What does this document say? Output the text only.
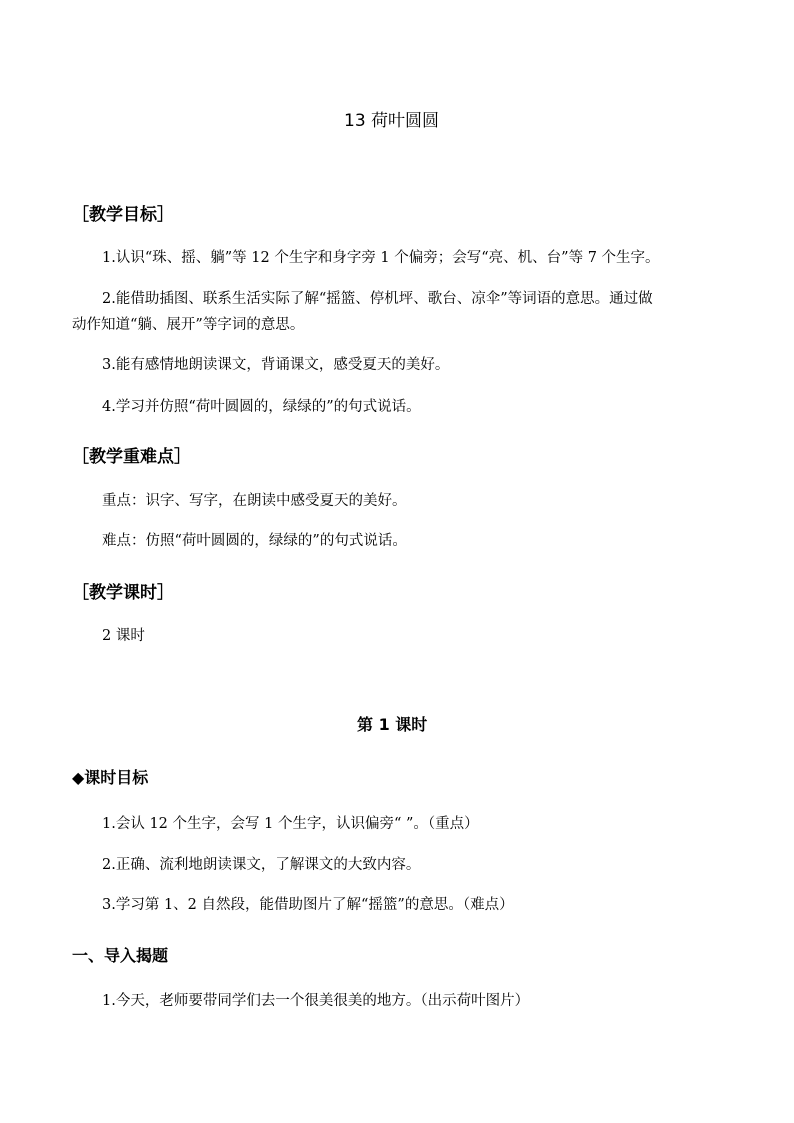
13 荷叶圆圆
［教学目标］
1.认识“珠、摇、躺”等 12 个生字和身字旁 1 个偏旁；会写“亮、机、台”等 7 个生字。
2.能借助插图、联系生活实际了解“摇篮、停机坪、歌台、凉伞”等词语的意思。通过做
动作知道“躺、展开”等字词的意思。
3.能有感情地朗读课文，背诵课文，感受夏天的美好。
4.学习并仿照“荷叶圆圆的，绿绿的”的句式说话。
［教学重难点］
重点：识字、写字，在朗读中感受夏天的美好。
难点：仿照“荷叶圆圆的，绿绿的”的句式说话。
［教学课时］
2 课时
第 1 课时
◆课时目标
1.会认 12 个生字，会写 1 个生字，认识偏旁“ ”。（重点）
2.正确、流利地朗读课文，了解课文的大致内容。
3.学习第 1、2 自然段，能借助图片了解“摇篮”的意思。（难点）
一、导入揭题
1.今天，老师要带同学们去一个很美很美的地方。（出示荷叶图片）
